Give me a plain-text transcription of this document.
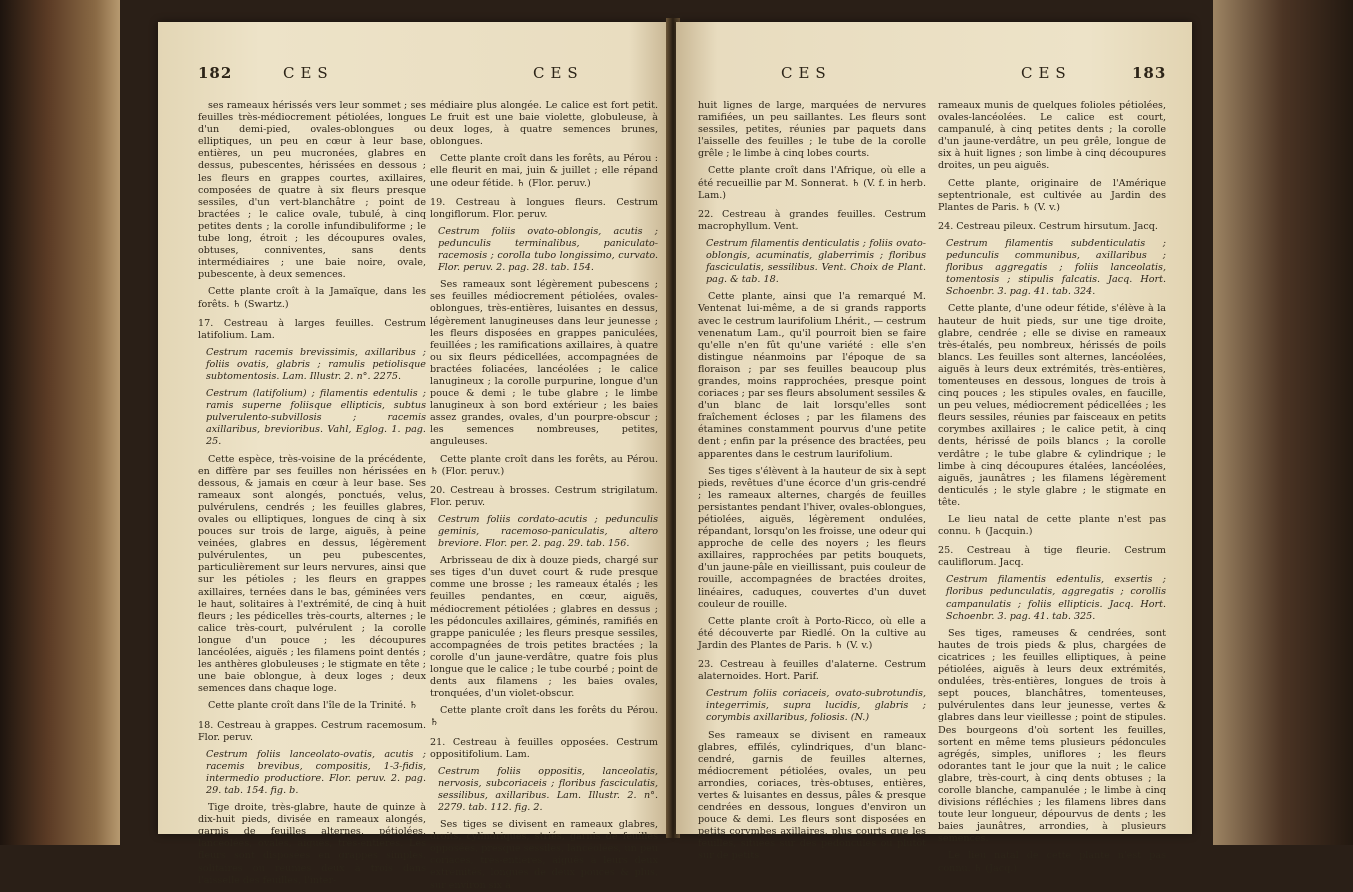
182	CES	CES

ses rameaux hérissés vers leur sommet ; ses feuilles très-médiocrement pétiolées, longues d'un demi-pied, ovales-oblongues ou elliptiques, un peu en cœur à leur base, entières, un peu mucronées, glabres en dessus, pubescentes, hérissées en dessous ; les fleurs en grappes courtes, axillaires, composées de quatre à six fleurs presque sessiles, d'un vert-blanchâtre ; point de bractées ; le calice ovale, tubulé, à cinq petites dents ; la corolle infundibuliforme ; le tube long, étroit ; les découpures ovales, obtuses, conniventes, sans dents intermédiaires ; une baie noire, ovale, pubescente, à deux semences.

Cette plante croît à la Jamaïque, dans les forêts. ♄ (Swartz.)

17. Cestreau à larges feuilles. Cestrum latifolium. Lam.

Cestrum racemis brevissimis, axillaribus ; foliis ovatis, glabris ; ramulis petiolisque subtomentosis. Lam. Illustr. 2. n°. 2275.

Cestrum (latifolium) ; filamentis edentulis ; ramis superne foliisque ellipticis, subtus pulverulento-subvillosis ; racemis axillaribus, brevioribus. Vahl, Eglog. 1. pag. 25.

Cette espèce, très-voisine de la précédente, en diffère par ses feuilles non hérissées en dessous, & jamais en cœur à leur base. Ses rameaux sont alongés, ponctués, velus, pulvérulens, cendrés ; les feuilles glabres, ovales ou elliptiques, longues de cinq à six pouces sur trois de large, aiguës, à peine veinées, glabres en dessus, légèrement pulvérulentes, un peu pubescentes, particulièrement sur leurs nervures, ainsi que sur les pétioles ; les fleurs en grappes axillaires, ternées dans le bas, géminées vers le haut, solitaires à l'extrémité, de cinq à huit fleurs ; les pédicelles très-courts, alternes ; le calice très-court, pulvérulent ; la corolle longue d'un pouce ; les découpures lancéolées, aiguës ; les filamens point dentés ; les anthères globuleuses ; le stigmate en tête ; une baie oblongue, à deux loges ; deux semences dans chaque loge.

Cette plante croît dans l'île de la Trinité. ♄

18. Cestreau à grappes. Cestrum racemosum. Flor. peruv.

Cestrum foliis lanceolato-ovatis, acutis ; racemis brevibus, compositis, 1-3-fidis, intermedio productiore. Flor. peruv. 2. pag. 29. tab. 154. fig. b.

Tige droite, très-glabre, haute de quinze à dix-huit pieds, divisée en rameaux alongés, garnis de feuilles alternes, pétiolées, lancéolées, ovales, aiguës, très-entières. Les fleurs sont disposées en grappes simples, solitaires ou réunies deux à trois dans l'aisselle des feuilles, l'inter-

médiaire plus alongée. Le calice est fort petit. Le fruit est une baie violette, globuleuse, à deux loges, à quatre semences brunes, oblongues.

Cette plante croît dans les forêts, au Pérou : elle fleurit en mai, juin & juillet ; elle répand une odeur fétide. ♄ (Flor. peruv.)

19. Cestreau à longues fleurs. Cestrum longiflorum. Flor. peruv.

Cestrum foliis ovato-oblongis, acutis ; pedunculis terminalibus, paniculato-racemosis ; corolla tubo longissimo, curvato. Flor. peruv. 2. pag. 28. tab. 154.

Ses rameaux sont légèrement pubescens ; ses feuilles médiocrement pétiolées, ovales-oblongues, très-entières, luisantes en dessus, légèrement lanugineuses dans leur jeunesse ; les fleurs disposées en grappes paniculées, feuillées ; les ramifications axillaires, à quatre ou six fleurs pédicellées, accompagnées de bractées foliacées, lancéolées ; le calice lanugineux ; la corolle purpurine, longue d'un pouce & demi ; le tube glabre ; le limbe lanugineux à son bord extérieur ; les baies assez grandes, ovales, d'un pourpre-obscur ; les semences nombreuses, petites, anguleuses.

Cette plante croît dans les forêts, au Pérou. ♄ (Flor. peruv.)

20. Cestreau à brosses. Cestrum strigilatum. Flor. peruv.

Cestrum foliis cordato-acutis ; pedunculis geminis, racemoso-paniculatis, altero breviore. Flor. per. 2. pag. 29. tab. 156.

Arbrisseau de dix à douze pieds, chargé sur ses tiges d'un duvet court & rude presque comme une brosse ; les rameaux étalés ; les feuilles pendantes, en cœur, aiguës, médiocrement pétiolées ; glabres en dessus ; les pédoncules axillaires, géminés, ramifiés en grappe paniculée ; les fleurs presque sessiles, accompagnées de trois petites bractées ; la corolle d'un jaune-verdâtre, quatre fois plus longue que le calice ; le tube courbé ; point de dents aux filamens ; les baies ovales, tronquées, d'un violet-obscur.

Cette plante croît dans les forêts du Pérou. ♄

21. Cestreau à feuilles opposées. Cestrum oppositifolium. Lam.

Cestrum foliis oppositis, lanceolatis, nervosis, subcoriaceis ; floribus fasciculatis, sessilibus, axillaribus. Lam. Illustr. 2. n°. 2279. tab. 112. fig. 2.

Ses tiges se divisent en rameaux glabres, droits, cylindriques, striés, garnis de feuilles opposées, presque sessiles, lancéolées, un peu coriaces, très-entières, aiguës à leurs deux extrémités, longues de deux pouces & plus, sur environ six à

CES	CES	183

huit lignes de large, marquées de nervures ramifiées, un peu saillantes. Les fleurs sont sessiles, petites, réunies par paquets dans l'aisselle des feuilles ; le tube de la corolle grêle ; le limbe à cinq lobes courts.

Cette plante croît dans l'Afrique, où elle a été recueillie par M. Sonnerat. ♄ (V. f. in herb. Lam.)

22. Cestreau à grandes feuilles. Cestrum macrophyllum. Vent.

Cestrum filamentis denticulatis ; foliis ovato-oblongis, acuminatis, glaberrimis ; floribus fasciculatis, sessilibus. Vent. Choix de Plant. pag. & tab. 18.

Cette plante, ainsi que l'a remarqué M. Ventenat lui-même, a de si grands rapports avec le cestrum laurifolium Lhérit., — cestrum venenatum Lam., qu'il pourroit bien se faire qu'elle n'en fût qu'une variété : elle s'en distingue néanmoins par l'époque de sa floraison ; par ses feuilles beaucoup plus grandes, moins rapprochées, presque point coriaces ; par ses fleurs absolument sessiles & d'un blanc de lait lorsqu'elles sont fraîchement écloses ; par les filamens des étamines constamment pourvus d'une petite dent ; enfin par la présence des bractées, peu apparentes dans le cestrum laurifolium.

Ses tiges s'élèvent à la hauteur de six à sept pieds, revêtues d'une écorce d'un gris-cendré ; les rameaux alternes, chargés de feuilles persistantes pendant l'hiver, ovales-oblongues, pétiolées, aiguës, légèrement ondulées, répandant, lorsqu'on les froisse, une odeur qui approche de celle des noyers ; les fleurs axillaires, rapprochées par petits bouquets, d'un jaune-pâle en vieillissant, puis couleur de rouille, accompagnées de bractées droites, linéaires, caduques, couvertes d'un duvet couleur de rouille.

Cette plante croît à Porto-Ricco, où elle a été découverte par Riedlé. On la cultive au Jardin des Plantes de Paris. ♄ (V. v.)

23. Cestreau à feuilles d'alaterne. Cestrum alaternoides. Hort. Parif.

Cestrum foliis coriaceis, ovato-subrotundis, integerrimis, supra lucidis, glabris ; corymbis axillaribus, foliosis. (N.)

Ses rameaux se divisent en rameaux glabres, effilés, cylindriques, d'un blanc-cendré, garnis de feuilles alternes, médiocrement pétiolées, ovales, un peu arrondies, coriaces, très-obtuses, entières, vertes & luisantes en dessus, pâles & presque cendrées en dessous, longues d'environ un pouce & demi. Les fleurs sont disposées en petits corymbes axillaires, plus courts que les feuilles, situées sur des pédoncules ou plutôt sur de petits

rameaux munis de quelques folioles pétiolées, ovales-lancéolées. Le calice est court, campanulé, à cinq petites dents ; la corolle d'un jaune-verdâtre, un peu grêle, longue de six à huit lignes ; son limbe à cinq découpures droites, un peu aiguës.

Cette plante, originaire de l'Amérique septentrionale, est cultivée au Jardin des Plantes de Paris. ♄ (V. v.)

24. Cestreau pileux. Cestrum hirsutum. Jacq.

Cestrum filamentis subdenticulatis ; pedunculis communibus, axillaribus ; floribus aggregatis ; foliis lanceolatis, tomentosis ; stipulis falcatis. Jacq. Hort. Schoenbr. 3. pag. 41. tab. 324.

Cette plante, d'une odeur fétide, s'élève à la hauteur de huit pieds, sur une tige droite, glabre, cendrée ; elle se divise en rameaux très-étalés, peu nombreux, hérissés de poils blancs. Les feuilles sont alternes, lancéolées, aiguës à leurs deux extrémités, très-entières, tomenteuses en dessous, longues de trois à cinq pouces ; les stipules ovales, en faucille, un peu velues, médiocrement pédicellées ; les fleurs sessiles, réunies par faisceaux en petits corymbes axillaires ; le calice petit, à cinq dents, hérissé de poils blancs ; la corolle verdâtre ; le tube glabre & cylindrique ; le limbe à cinq découpures étalées, lancéolées, aiguës, jaunâtres ; les filamens légèrement denticulés ; le style glabre ; le stigmate en tête.

Le lieu natal de cette plante n'est pas connu. ♄ (Jacquin.)

25. Cestreau à tige fleurie. Cestrum cauliflorum. Jacq.

Cestrum filamentis edentulis, exsertis ; floribus pedunculatis, aggregatis ; corollis campanulatis ; foliis ellipticis. Jacq. Hort. Schoenbr. 3. pag. 41. tab. 325.

Ses tiges, rameuses & cendrées, sont hautes de trois pieds & plus, chargées de cicatrices ; les feuilles elliptiques, à peine pétiolées, aiguës à leurs deux extrémités, ondulées, très-entières, longues de trois à sept pouces, blanchâtres, tomenteuses, pulvérulentes dans leur jeunesse, vertes & glabres dans leur vieillesse ; point de stipules. Des bourgeons d'où sortent les feuilles, sortent en même tems plusieurs pédoncules agrégés, simples, uniflores ; les fleurs odorantes tant le jour que la nuit ; le calice glabre, très-court, à cinq dents obtuses ; la corolle blanche, campanulée ; le limbe à cinq divisions réfléchies ; les filamens libres dans toute leur longueur, dépourvus de dents ; les baies jaunâtres, arrondies, à plusieurs semences.

Le lieu natal de cette plante n'est pas connu. ♄ (Jacq.)
